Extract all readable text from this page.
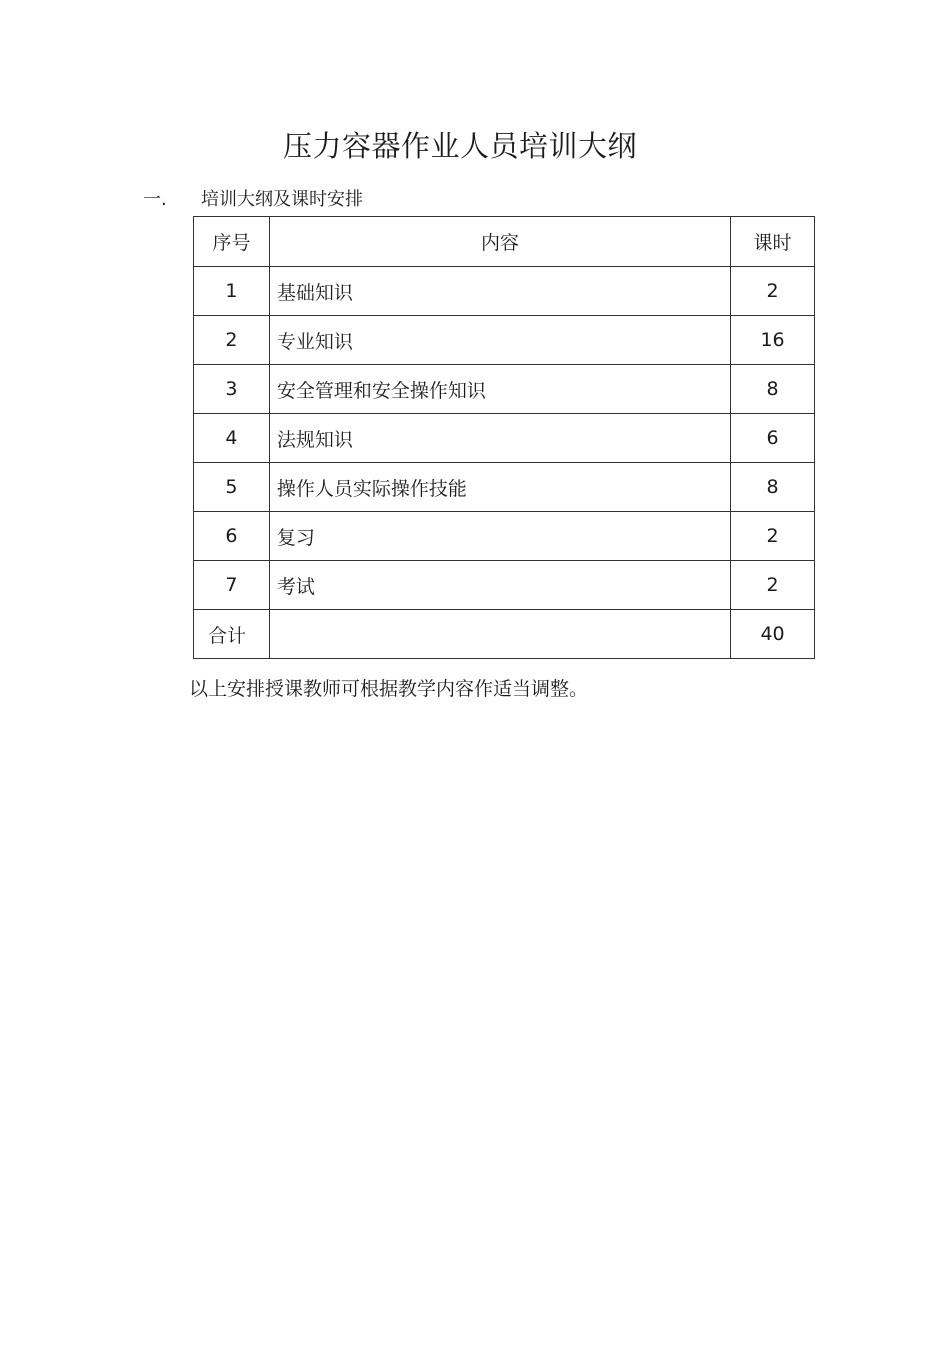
压力容器作业人员培训大纲
一.	培训大纲及课时安排
序号	内容	课时
1	基础知识	2
2	专业知识	16
3	安全管理和安全操作知识	8
4	法规知识	6
5	操作人员实际操作技能	8
6	复习	2
7	考试	2
合计		40

以上安排授课教师可根据教学内容作适当调整。
